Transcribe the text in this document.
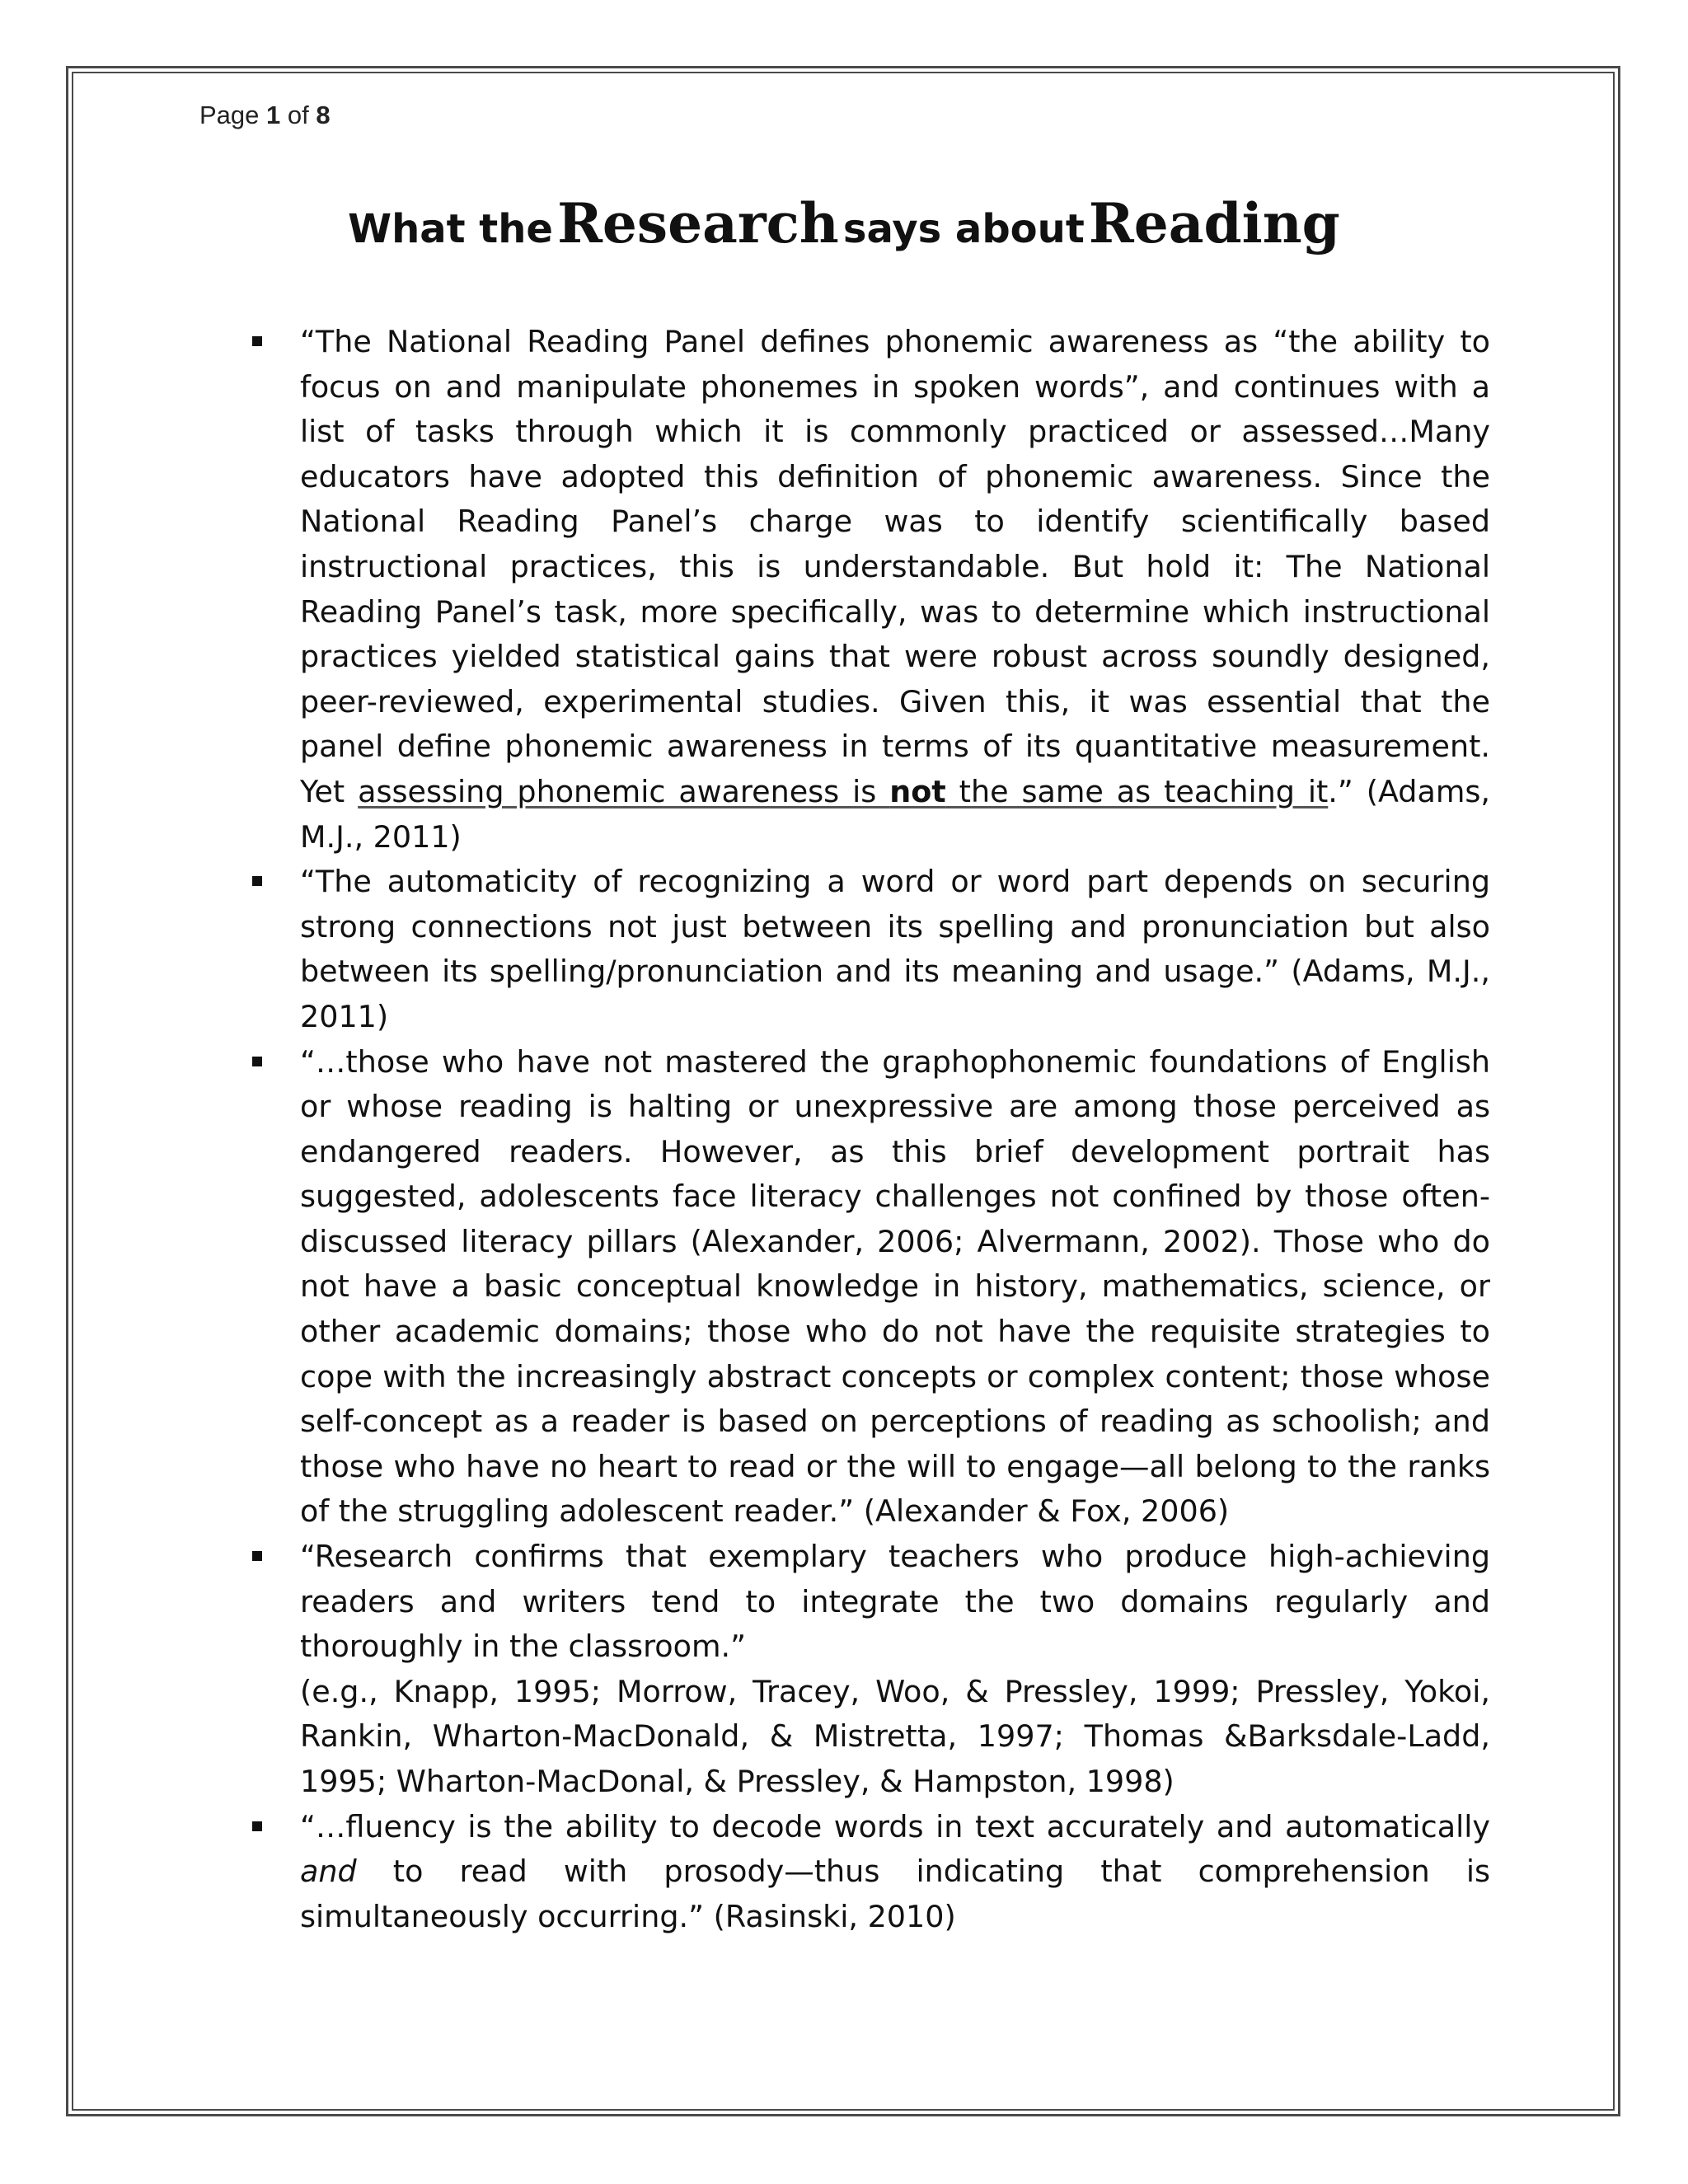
Page 1 of 8
What the Research says about Reading
“The National Reading Panel defines phonemic awareness as “the ability to focus on and manipulate phonemes in spoken words”, and continues with a list of tasks through which it is commonly practiced or assessed…Many educators have adopted this definition of phonemic awareness. Since the National Reading Panel’s charge was to identify scientifically based instructional practices, this is understandable. But hold it: The National Reading Panel’s task, more specifically, was to determine which instructional practices yielded statistical gains that were robust across soundly designed, peer-reviewed, experimental studies. Given this, it was essential that the panel define phonemic awareness in terms of its quantitative measurement. Yet assessing phonemic awareness is not the same as teaching it.” (Adams, M.J., 2011)
“The automaticity of recognizing a word or word part depends on securing strong connections not just between its spelling and pronunciation but also between its spelling/pronunciation and its meaning and usage.” (Adams, M.J., 2011)
“…those who have not mastered the graphophonemic foundations of English or whose reading is halting or unexpressive are among those perceived as endangered readers. However, as this brief development portrait has suggested, adolescents face literacy challenges not confined by those often-discussed literacy pillars (Alexander, 2006; Alvermann, 2002). Those who do not have a basic conceptual knowledge in history, mathematics, science, or other academic domains; those who do not have the requisite strategies to cope with the increasingly abstract concepts or complex content; those whose self-concept as a reader is based on perceptions of reading as schoolish; and those who have no heart to read or the will to engage—all belong to the ranks of the struggling adolescent reader.” (Alexander & Fox, 2006)
“Research confirms that exemplary teachers who produce high-achieving readers and writers tend to integrate the two domains regularly and thoroughly in the classroom.”
(e.g., Knapp, 1995; Morrow, Tracey, Woo, & Pressley, 1999; Pressley, Yokoi, Rankin, Wharton-MacDonald, & Mistretta, 1997; Thomas &Barksdale-Ladd, 1995; Wharton-MacDonal, & Pressley, & Hampston, 1998)
“…fluency is the ability to decode words in text accurately and automatically and to read with prosody—thus indicating that comprehension is simultaneously occurring.” (Rasinski, 2010)
